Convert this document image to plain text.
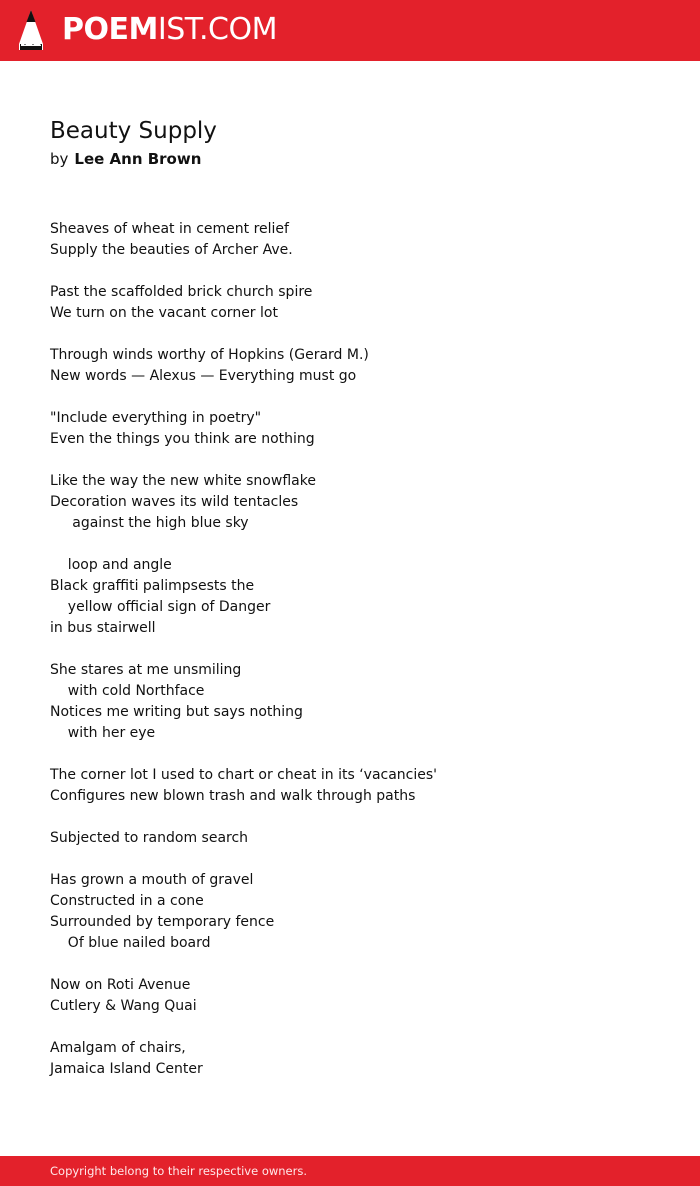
POEMIST.COM
Beauty Supply
by Lee Ann Brown
Sheaves of wheat in cement relief
Supply the beauties of Archer Ave.
Past the scaffolded brick church spire
We turn on the vacant corner lot
Through winds worthy of Hopkins (Gerard M.)
New words — Alexus — Everything must go
"Include everything in poetry"
Even the things you think are nothing
Like the way the new white snowflake
Decoration waves its wild tentacles
against the high blue sky
loop and angle
Black graffiti palimpsests the
yellow official sign of Danger
in bus stairwell
She stares at me unsmiling
with cold Northface
Notices me writing but says nothing
with her eye
The corner lot I used to chart or cheat in its ‘vacancies'
Configures new blown trash and walk through paths
Subjected to random search
Has grown a mouth of gravel
Constructed in a cone
Surrounded by temporary fence
Of blue nailed board
Now on Roti Avenue
Cutlery & Wang Quai
Amalgam of chairs,
Jamaica Island Center
Copyright belong to their respective owners.
